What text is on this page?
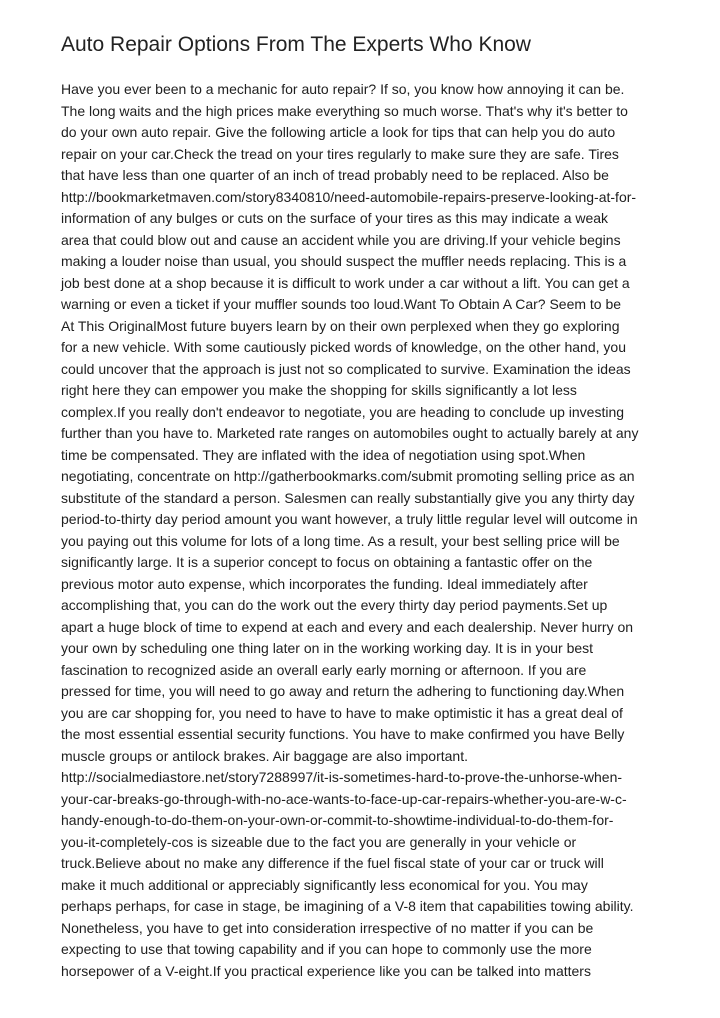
Auto Repair Options From The Experts Who Know
Have you ever been to a mechanic for auto repair? If so, you know how annoying it can be.
The long waits and the high prices make everything so much worse. That's why it's better to
do your own auto repair. Give the following article a look for tips that can help you do auto
repair on your car.Check the tread on your tires regularly to make sure they are safe. Tires
that have less than one quarter of an inch of tread probably need to be replaced. Also be
http://bookmarketmaven.com/story8340810/need-automobile-repairs-preserve-looking-at-for-
information of any bulges or cuts on the surface of your tires as this may indicate a weak
area that could blow out and cause an accident while you are driving.If your vehicle begins
making a louder noise than usual, you should suspect the muffler needs replacing. This is a
job best done at a shop because it is difficult to work under a car without a lift. You can get a
warning or even a ticket if your muffler sounds too loud.Want To Obtain A Car? Seem to be
At This OriginalMost future buyers learn by on their own perplexed when they go exploring
for a new vehicle. With some cautiously picked words of knowledge, on the other hand, you
could uncover that the approach is just not so complicated to survive. Examination the ideas
right here they can empower you make the shopping for skills significantly a lot less
complex.If you really don't endeavor to negotiate, you are heading to conclude up investing
further than you have to. Marketed rate ranges on automobiles ought to actually barely at any
time be compensated. They are inflated with the idea of negotiation using spot.When
negotiating, concentrate on http://gatherbookmarks.com/submit promoting selling price as an
substitute of the standard a person. Salesmen can really substantially give you any thirty day
period-to-thirty day period amount you want however, a truly little regular level will outcome in
you paying out this volume for lots of a long time. As a result, your best selling price will be
significantly large. It is a superior concept to focus on obtaining a fantastic offer on the
previous motor auto expense, which incorporates the funding. Ideal immediately after
accomplishing that, you can do the work out the every thirty day period payments.Set up
apart a huge block of time to expend at each and every and each dealership. Never hurry on
your own by scheduling one thing later on in the working working day. It is in your best
fascination to recognized aside an overall early early morning or afternoon. If you are
pressed for time, you will need to go away and return the adhering to functioning day.When
you are car shopping for, you need to have to have to make optimistic it has a great deal of
the most essential essential security functions. You have to make confirmed you have Belly
muscle groups or antilock brakes. Air baggage are also important.
http://socialmediastore.net/story7288997/it-is-sometimes-hard-to-prove-the-unhorse-when-
your-car-breaks-go-through-with-no-ace-wants-to-face-up-car-repairs-whether-you-are-w-c-
handy-enough-to-do-them-on-your-own-or-commit-to-showtime-individual-to-do-them-for-
you-it-completely-cos is sizeable due to the fact you are generally in your vehicle or
truck.Believe about no make any difference if the fuel fiscal state of your car or truck will
make it much additional or appreciably significantly less economical for you. You may
perhaps perhaps, for case in stage, be imagining of a V-8 item that capabilities towing ability.
Nonetheless, you have to get into consideration irrespective of no matter if you can be
expecting to use that towing capability and if you can hope to commonly use the more
horsepower of a V-eight.If you practical experience like you can be talked into matters
